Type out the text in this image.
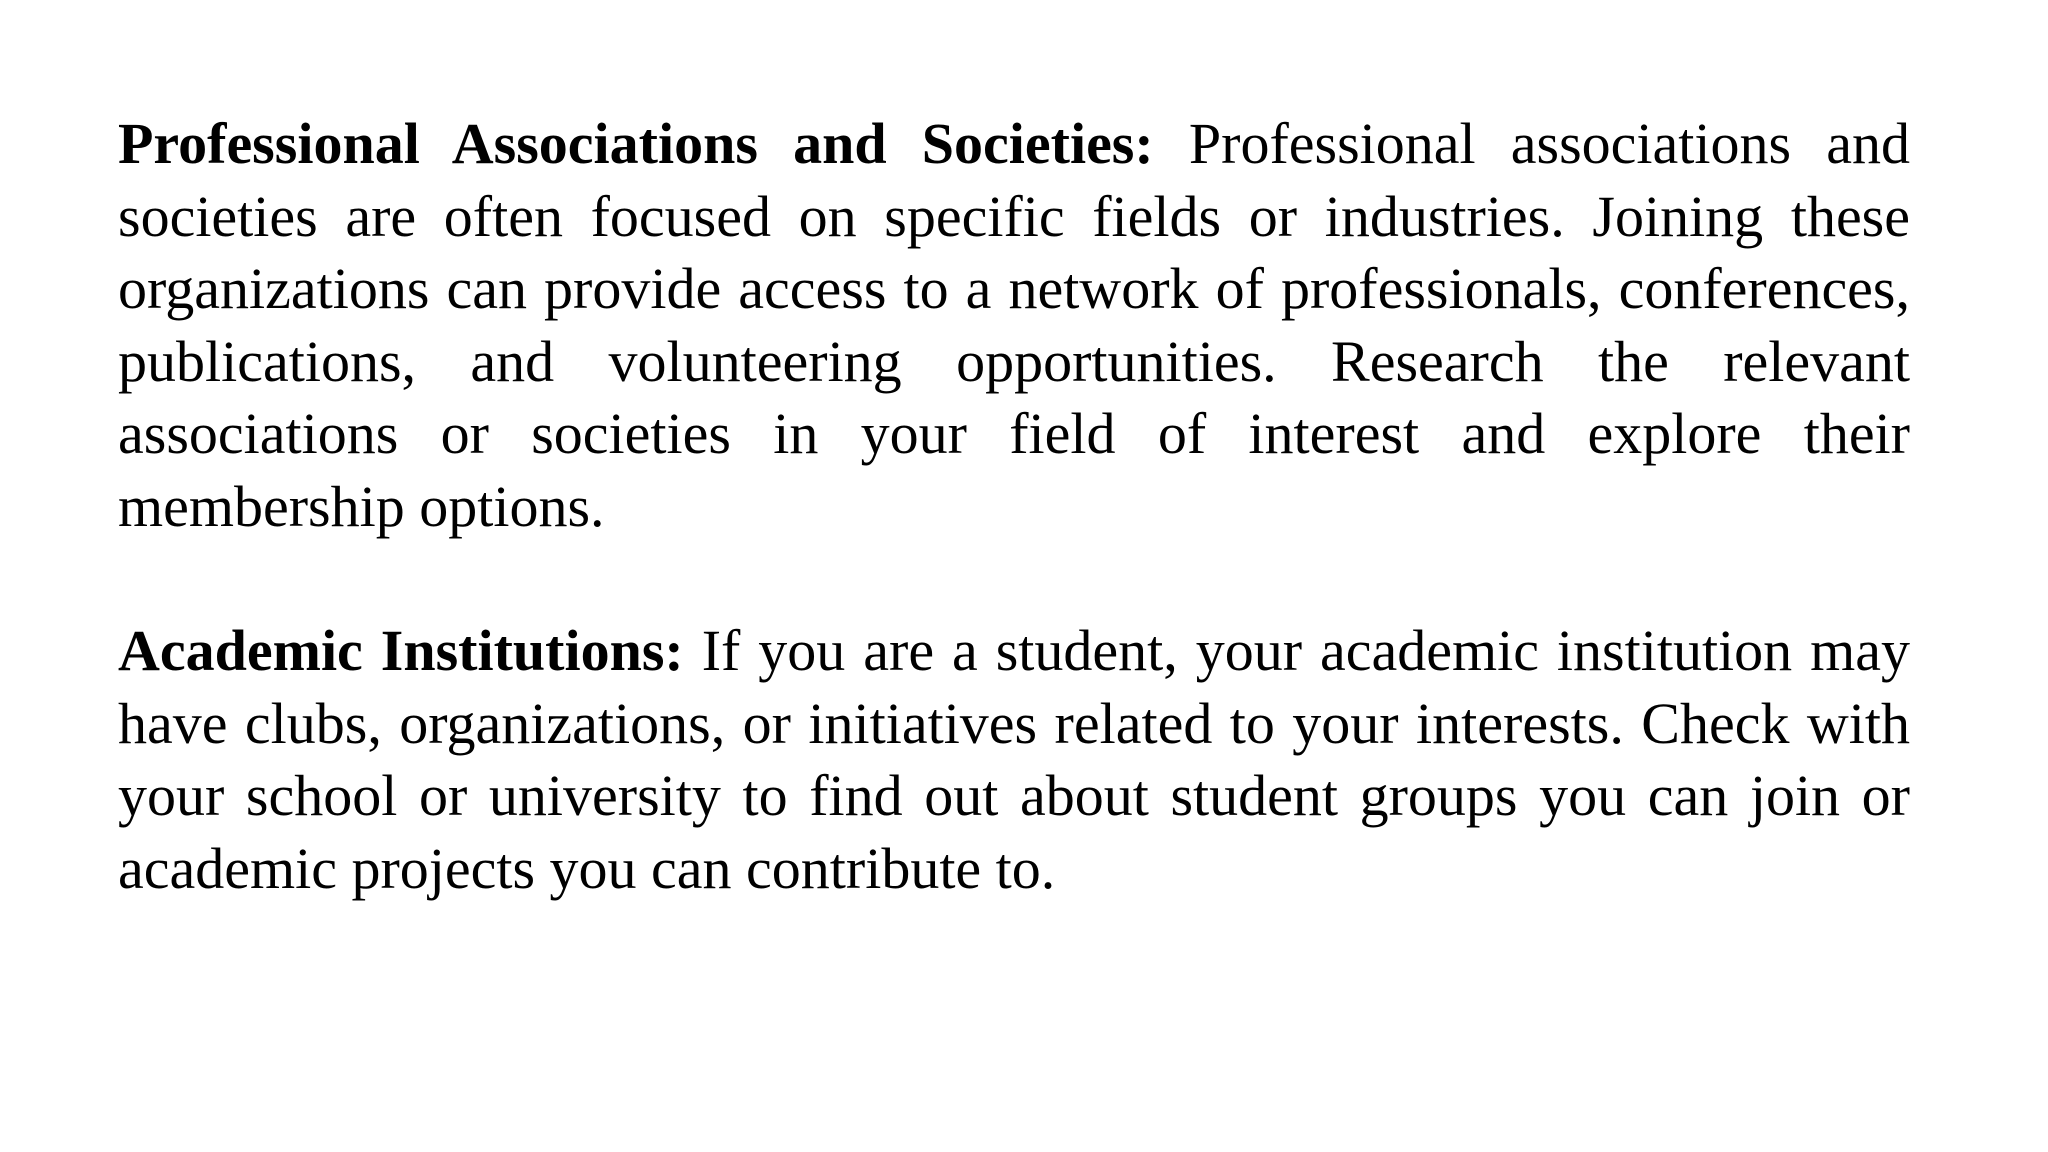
Professional Associations and Societies: Professional associations and societies are often focused on specific fields or industries. Joining these organizations can provide access to a network of professionals, conferences, publications, and volunteering opportunities. Research the relevant associations or societies in your field of interest and explore their membership options.

Academic Institutions: If you are a student, your academic institution may have clubs, organizations, or initiatives related to your interests. Check with your school or university to find out about student groups you can join or academic projects you can contribute to.
